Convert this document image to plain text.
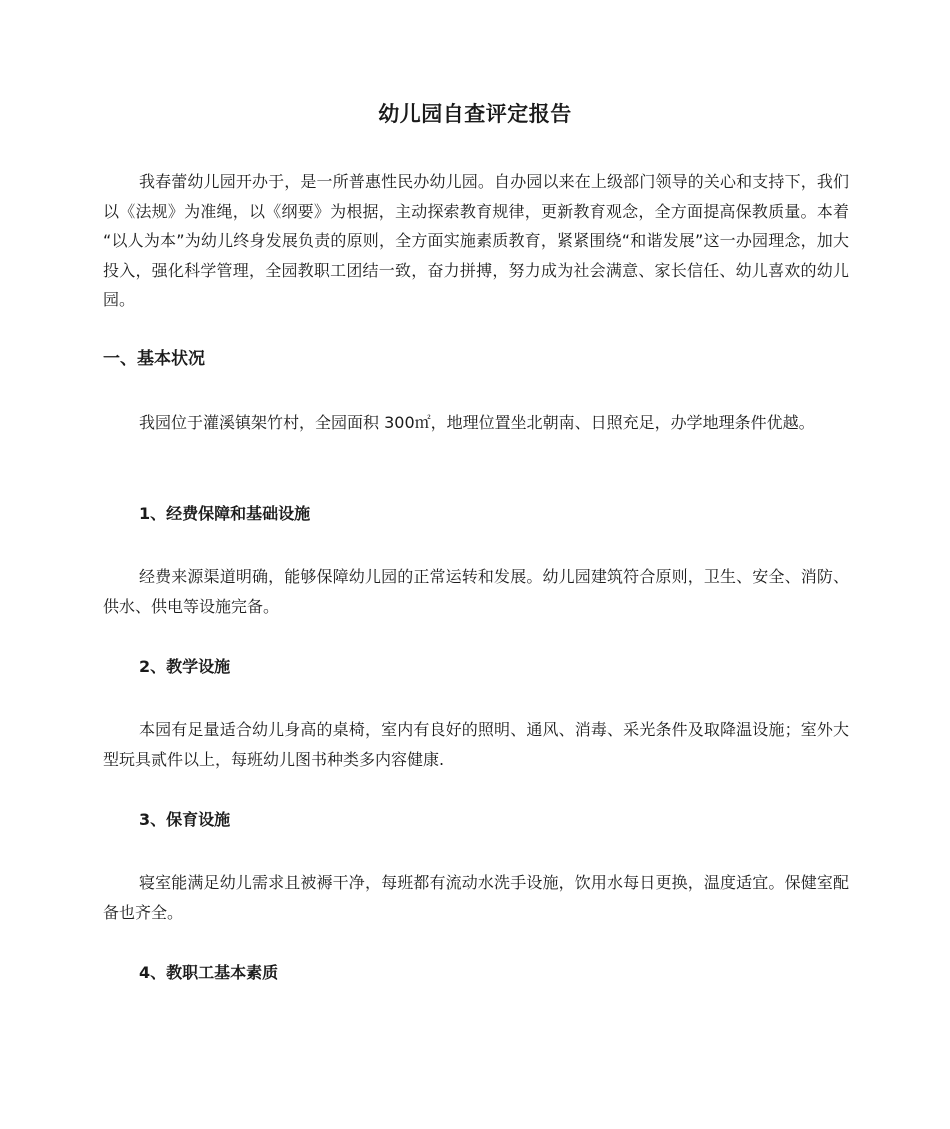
幼儿园自查评定报告

我春蕾幼儿园开办于，是一所普惠性民办幼儿园。自办园以来在上级部门领导的关心和支持下，我们以《法规》为准绳，以《纲要》为根据，主动探索教育规律，更新教育观念，全方面提高保教质量。本着 “以人为本”为幼儿终身发展负责的原则，全方面实施素质教育，紧紧围绕“和谐发展”这一办园理念，加大投入，强化科学管理，全园教职工团结一致，奋力拼搏，努力成为社会满意、家长信任、幼儿喜欢的幼儿园。

一、基本状况

我园位于灌溪镇架竹村，全园面积 300㎡，地理位置坐北朝南、日照充足，办学地理条件优越。

1、经费保障和基础设施

经费来源渠道明确，能够保障幼儿园的正常运转和发展。幼儿园建筑符合原则，卫生、安全、消防、供水、供电等设施完备。

2、教学设施

本园有足量适合幼儿身高的桌椅，室内有良好的照明、通风、消毒、采光条件及取降温设施；室外大型玩具贰件以上，每班幼儿图书种类多内容健康.

3、保育设施

寝室能满足幼儿需求且被褥干净，每班都有流动水洗手设施，饮用水每日更换，温度适宜。保健室配备也齐全。

4、教职工基本素质
